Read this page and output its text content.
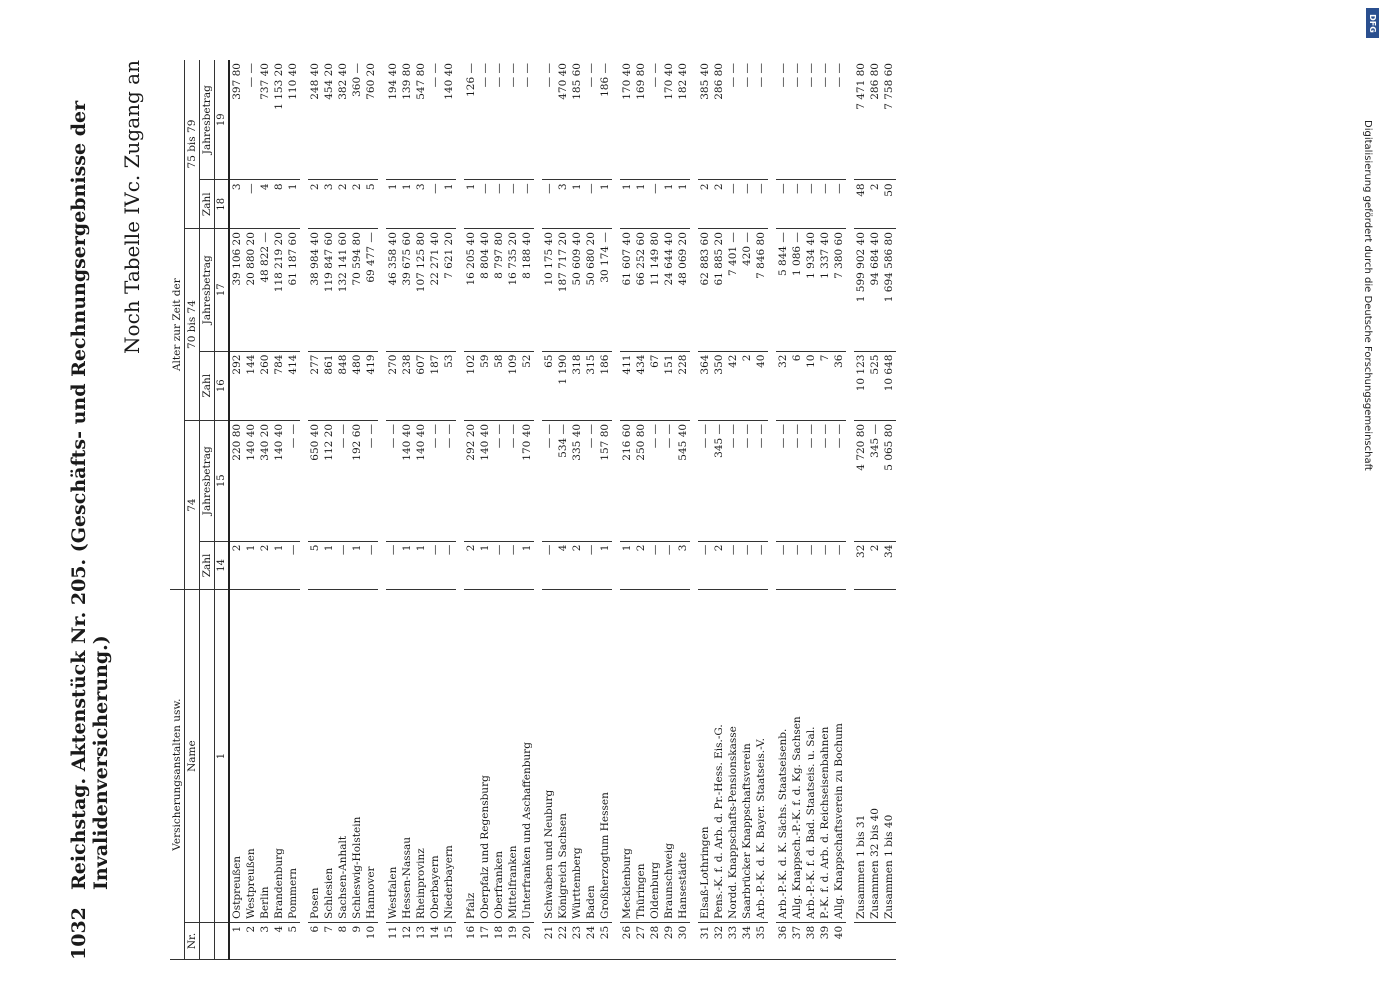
DFG
Digitalisierung gefördert durch die Deutsche Forschungsgemeinschaft
1032
Reichstag. Aktenstück Nr. 205. (Geschäfts- und Rechnungsergebnisse der Invalidenversicherung.)
Noch Tabelle IVc. Zugang an
Versicherungsanstalten usw.		Alter zur Zeit der					
Nr.	Name	74		70 bis 74		75 bis 79	
		Zahl	Jahresbetrag	Zahl	Jahresbetrag	Zahl	Jahresbetrag
	1	14	15	16	17	18	19
1	Ostpreußen	2	220 80	292	39 106 20	3	397 80
2	Westpreußen	1	140 40	144	20 880 20	—	— —
3	Berlin	2	340 20	260	48 822 —	4	737 40
4	Brandenburg	1	140 40	784	118 219 20	8	1 153 20
5	Pommern	—	— —	414	61 187 60	1	110 40

6	Posen	5	650 40	277	38 984 40	2	248 40
7	Schlesien	1	112 20	861	119 847 60	3	454 20
8	Sachsen-Anhalt	—	— —	848	132 141 60	2	382 40
9	Schleswig-Holstein	1	192 60	480	70 594 80	2	360 —
10	Hannover	—	— —	419	69 477 —	5	760 20

11	Westfalen	—	— —	270	46 358 40	1	194 40
12	Hessen-Nassau	1	140 40	238	39 675 60	1	139 80
13	Rheinprovinz	1	140 40	607	107 125 80	3	547 80
14	Oberbayern	—	— —	187	22 271 40	—	— —
15	Niederbayern	—	— —	53	7 621 20	1	140 40

16	Pfalz	2	292 20	102	16 205 40	1	126 —
17	Oberpfalz und Regensburg	1	140 40	59	8 804 40	—	— —
18	Oberfranken	—	— —	58	8 797 80	—	— —
19	Mittelfranken	—	— —	109	16 735 20	—	— —
20	Unterfranken und Aschaffenburg	1	170 40	52	8 188 40	—	— —

21	Schwaben und Neuburg	—	— —	65	10 175 40	—	— —
22	Königreich Sachsen	4	534 —	1 190	187 717 20	3	470 40
23	Württemberg	2	335 40	318	50 609 40	1	185 60
24	Baden	—	— —	315	50 680 20	—	— —
25	Großherzogtum Hessen	1	157 80	186	30 174 —	1	186 —

26	Mecklenburg	1	216 60	411	61 607 40	1	170 40
27	Thüringen	2	250 80	434	66 252 60	1	169 80
28	Oldenburg	—	— —	67	11 149 80	—	— —
29	Braunschweig	—	— —	151	24 644 40	1	170 40
30	Hansestädte	3	545 40	228	48 069 20	1	182 40

31	Elsaß-Lothringen	—	— —	364	62 883 60	2	385 40
32	Pens.-K. f. d. Arb. d. Pr.-Hess. Eis.-G.	2	345 —	350	61 885 20	2	286 80
33	Nordd. Knappschafts-Pensionskasse	—	— —	42	7 401 —	—	— —
34	Saarbrücker Knappschaftsverein	—	— —	2	420 —	—	— —
35	Arb.-P.-K. d. K. Bayer. Staatseis.-V.	—	— —	40	7 846 80	—	— —

36	Arb.-P.-K. d. K. Sächs. Staatseisenb.	—	— —	32	5 844 —	—	— —
37	Allg. Knappsch.-P.-K. f. d. Kg. Sachsen	—	— —	6	1 086 —	—	— —
38	Arb.-P.-K. f. d. Bad. Staatseis. u. Sal.	—	— —	10	1 934 40	—	— —
39	P.-K. f. d. Arb. d. Reichseisenbahnen	—	— —	7	1 337 40	—	— —
40	Allg. Knappschaftsverein zu Bochum	—	— —	36	7 380 60	—	— —

	Zusammen 1 bis 31	32	4 720 80	10 123	1 599 902 40	48	7 471 80
	Zusammen 32 bis 40	2	345 —	525	94 684 40	2	286 80
	Zusammen 1 bis 40	34	5 065 80	10 648	1 694 586 80	50	7 758 60
